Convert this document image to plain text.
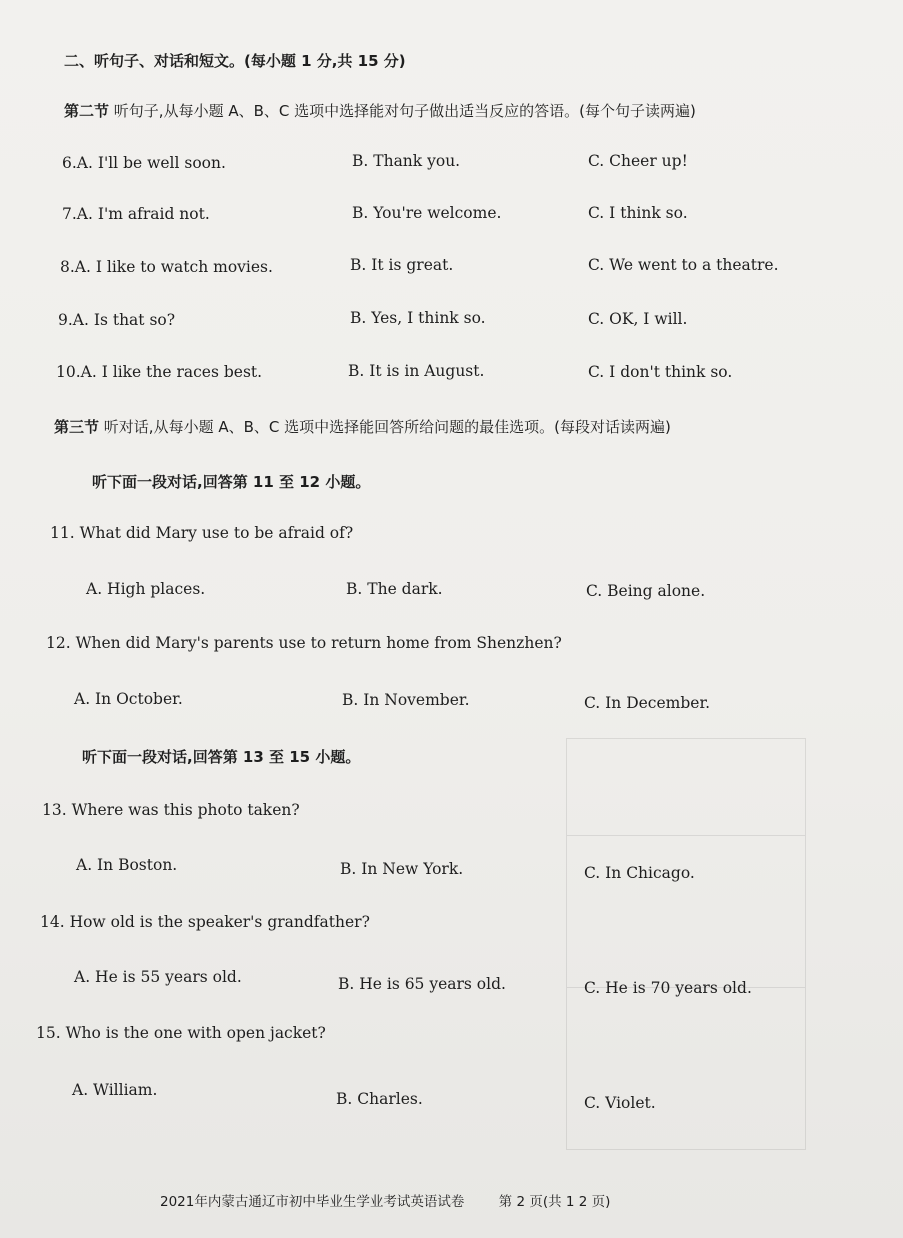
二、听句子、对话和短文。(每小题 1 分,共 15 分)
第二节 听句子,从每小题 A、B、C 选项中选择能对句子做出适当反应的答语。(每个句子读两遍)
6.A. I'll be well soon.	B. Thank you.	C. Cheer up!
7.A. I'm afraid not.	B. You're welcome.	C. I think so.
8.A. I like to watch movies.	B. It is great.	C. We went to a theatre.
9.A. Is that so?	B. Yes, I think so.	C. OK, I will.
10.A. I like the races best.	B. It is in August.	C. I don't think so.
第三节 听对话,从每小题 A、B、C 选项中选择能回答所给问题的最佳选项。(每段对话读两遍)
听下面一段对话,回答第 11 至 12 小题。
11. What did Mary use to be afraid of?
A. High places.	B. The dark.	C. Being alone.
12. When did Mary's parents use to return home from Shenzhen?
A. In October.	B. In November.	C. In December.
听下面一段对话,回答第 13 至 15 小题。
13. Where was this photo taken?
A. In Boston.	B. In New York.	C. In Chicago.
14. How old is the speaker's grandfather?
A. He is 55 years old.	B. He is 65 years old.	C. He is 70 years old.
15. Who is the one with open jacket?
A. William.	B. Charles.	C. Violet.
2021年内蒙古通辽市初中毕业生学业考试英语试卷	第 2 页(共 1 2 页)
